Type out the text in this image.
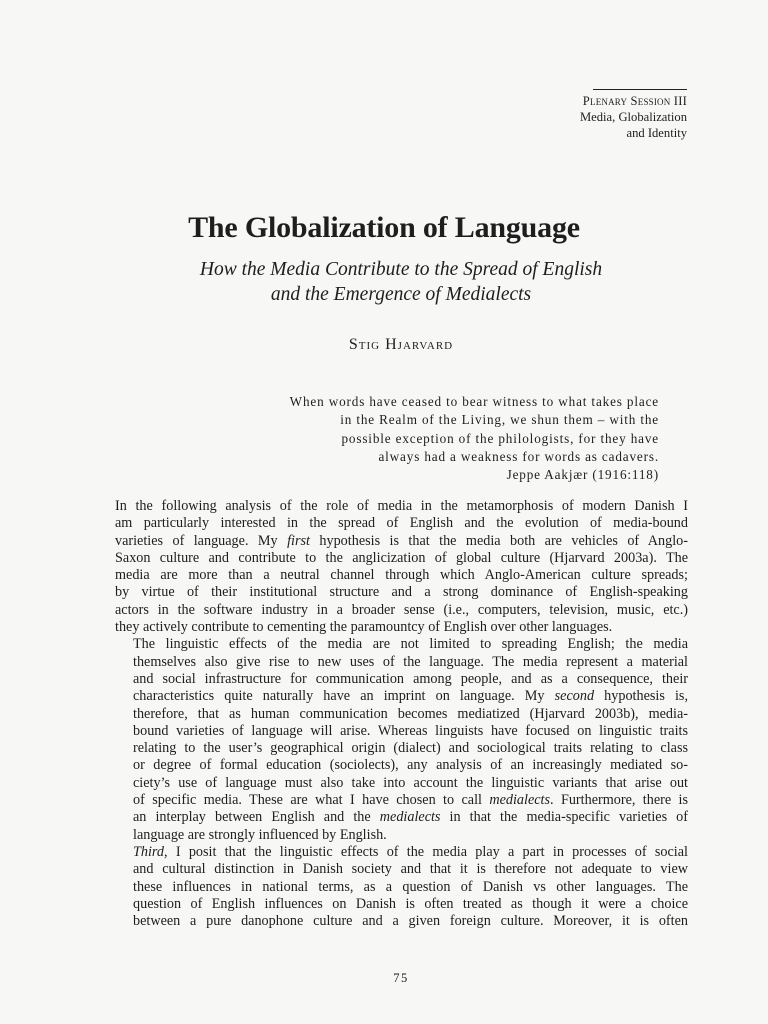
Plenary Session III
Media, Globalization
and Identity
The Globalization of Language
How the Media Contribute to the Spread of English
and the Emergence of Medialects
Stig Hjarvard
When words have ceased to bear witness to what takes place
in the Realm of the Living, we shun them – with the
possible exception of the philologists, for they have
always had a weakness for words as cadavers.
Jeppe Aakjær (1916:118)

In the following analysis of the role of media in the metamorphosis of modern Danish I
am particularly interested in the spread of English and the evolution of media-bound
varieties of language. My first hypothesis is that the media both are vehicles of Anglo-
Saxon culture and contribute to the anglicization of global culture (Hjarvard 2003a). The
media are more than a neutral channel through which Anglo-American culture spreads;
by virtue of their institutional structure and a strong dominance of English-speaking
actors in the software industry in a broader sense (i.e., computers, television, music, etc.)
they actively contribute to cementing the paramountcy of English over other languages.

The linguistic effects of the media are not limited to spreading English; the media
themselves also give rise to new uses of the language. The media represent a material
and social infrastructure for communication among people, and as a consequence, their
characteristics quite naturally have an imprint on language. My second hypothesis is,
therefore, that as human communication becomes mediatized (Hjarvard 2003b), media-
bound varieties of language will arise. Whereas linguists have focused on linguistic traits
relating to the user’s geographical origin (dialect) and sociological traits relating to class
or degree of formal education (sociolects), any analysis of an increasingly mediated so-
ciety’s use of language must also take into account the linguistic variants that arise out
of specific media. These are what I have chosen to call medialects. Furthermore, there is
an interplay between English and the medialects in that the media-specific varieties of
language are strongly influenced by English.

Third, I posit that the linguistic effects of the media play a part in processes of social
and cultural distinction in Danish society and that it is therefore not adequate to view
these influences in national terms, as a question of Danish vs other languages. The
question of English influences on Danish is often treated as though it were a choice
between a pure danophone culture and a given foreign culture. Moreover, it is often

75
